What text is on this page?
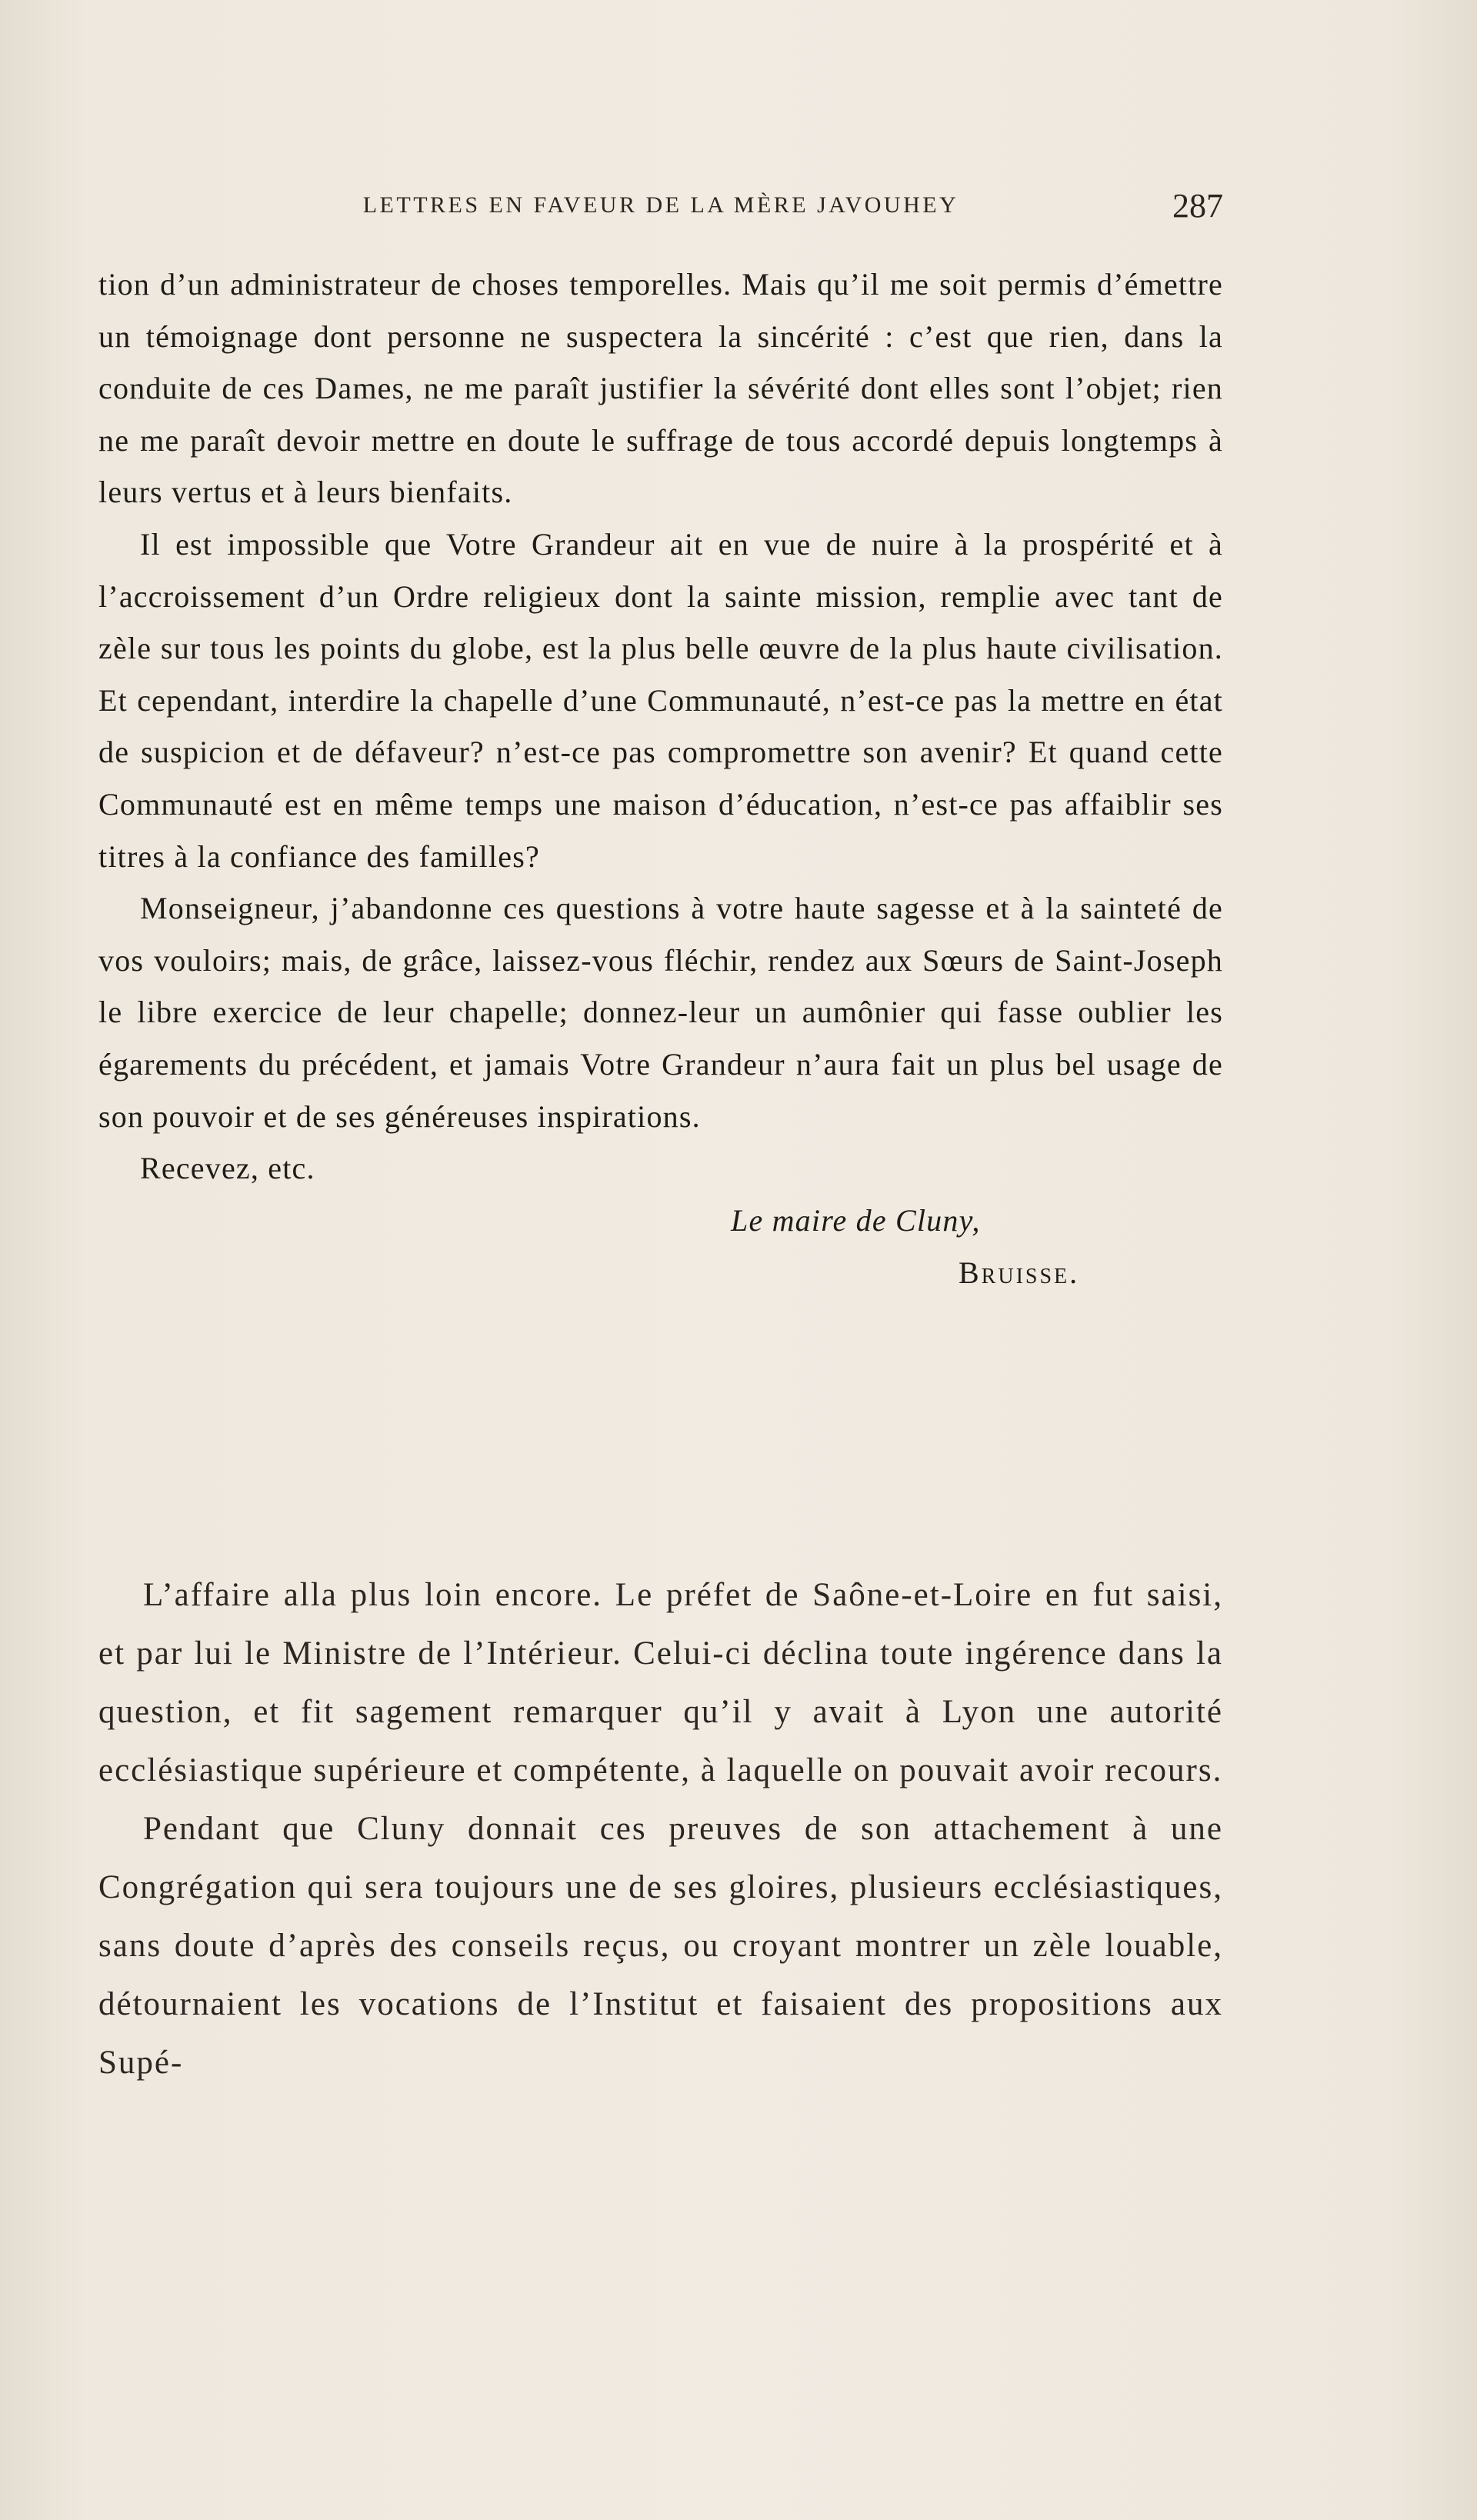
LETTRES EN FAVEUR DE LA MÈRE JAVOUHEY	287

tion d’un administrateur de choses temporelles. Mais qu’il me soit permis d’émettre un témoignage dont personne ne suspectera la sincérité : c’est que rien, dans la conduite de ces Dames, ne me paraît justifier la sévérité dont elles sont l’objet; rien ne me paraît devoir mettre en doute le suffrage de tous accordé depuis longtemps à leurs vertus et à leurs bienfaits.

Il est impossible que Votre Grandeur ait en vue de nuire à la prospérité et à l’accroissement d’un Ordre religieux dont la sainte mission, remplie avec tant de zèle sur tous les points du globe, est la plus belle œuvre de la plus haute civilisation. Et cependant, interdire la chapelle d’une Communauté, n’est-ce pas la mettre en état de suspicion et de défaveur? n’est-ce pas compromettre son avenir? Et quand cette Communauté est en même temps une maison d’éducation, n’est-ce pas affaiblir ses titres à la confiance des familles?

Monseigneur, j’abandonne ces questions à votre haute sagesse et à la sainteté de vos vouloirs; mais, de grâce, laissez-vous fléchir, rendez aux Sœurs de Saint-Joseph le libre exercice de leur chapelle; donnez-leur un aumônier qui fasse oublier les égarements du précédent, et jamais Votre Grandeur n’aura fait un plus bel usage de son pouvoir et de ses généreuses inspirations.

Recevez, etc.

Le maire de Cluny,
Bruisse.

L’affaire alla plus loin encore. Le préfet de Saône-et-Loire en fut saisi, et par lui le Ministre de l’Intérieur. Celui-ci déclina toute ingérence dans la question, et fit sagement remarquer qu’il y avait à Lyon une autorité ecclésiastique supérieure et compétente, à laquelle on pouvait avoir recours.

Pendant que Cluny donnait ces preuves de son attachement à une Congrégation qui sera toujours une de ses gloires, plusieurs ecclésiastiques, sans doute d’après des conseils reçus, ou croyant montrer un zèle louable, détournaient les vocations de l’Institut et faisaient des propositions aux Supé-
